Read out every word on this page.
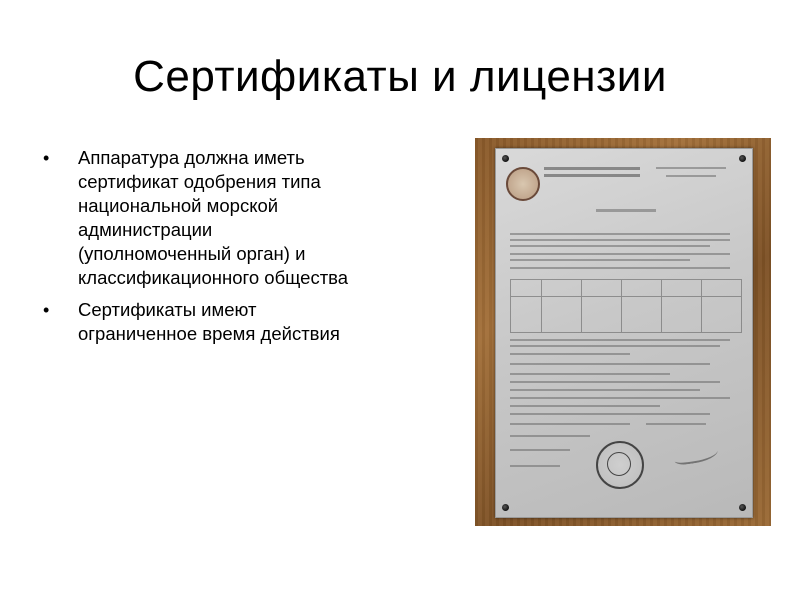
Сертификаты и лицензии
• Аппаратура должна иметь сертификат одобрения типа национальной морской администрации (уполномоченный орган) и классификационного общества
• Сертификаты имеют ограниченное время действия
